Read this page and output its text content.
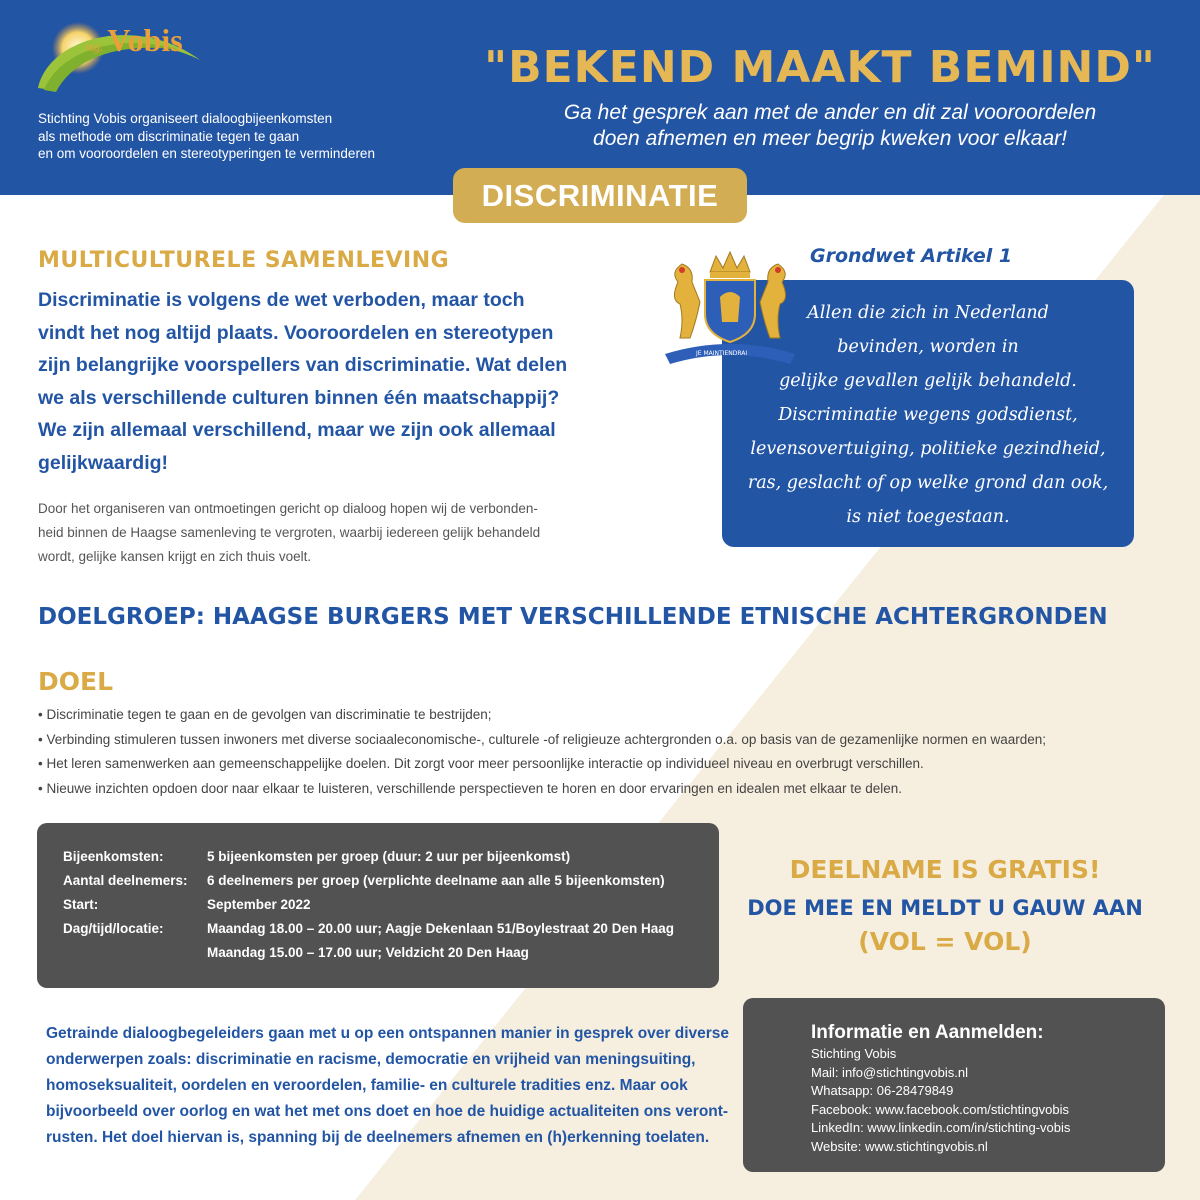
stg. Vobis
Stichting Vobis organiseert dialoogbijeenkomsten
als methode om discriminatie tegen te gaan
en om vooroordelen en stereotyperingen te verminderen
"BEKEND MAAKT BEMIND"
Ga het gesprek aan met de ander en dit zal vooroordelen
doen afnemen en meer begrip kweken voor elkaar!
DISCRIMINATIE
MULTICULTURELE SAMENLEVING
Discriminatie is volgens de wet verboden, maar toch
vindt het nog altijd plaats. Vooroordelen en stereotypen
zijn belangrijke voorspellers van discriminatie. Wat delen
we als verschillende culturen binnen één maatschappij?
We zijn allemaal verschillend, maar we zijn ook allemaal
gelijkwaardig!
Door het organiseren van ontmoetingen gericht op dialoog hopen wij de verbonden-
heid binnen de Haagse samenleving te vergroten, waarbij iedereen gelijk behandeld
wordt, gelijke kansen krijgt en zich thuis voelt.
Grondwet Artikel 1
Allen die zich in Nederland
bevinden, worden in
gelijke gevallen gelijk behandeld.
Discriminatie wegens godsdienst,
levensovertuiging, politieke gezindheid,
ras, geslacht of op welke grond dan ook,
is niet toegestaan.
JE MAINTIENDRAI
DOELGROEP: HAAGSE BURGERS MET VERSCHILLENDE ETNISCHE ACHTERGRONDEN
DOEL
• Discriminatie tegen te gaan en de gevolgen van discriminatie te bestrijden;
• Verbinding stimuleren tussen inwoners met diverse sociaaleconomische-, culturele -of religieuze achtergronden o.a. op basis van de gezamenlijke normen en waarden;
• Het leren samenwerken aan gemeenschappelijke doelen. Dit zorgt voor meer persoonlijke interactie op individueel niveau en overbrugt verschillen.
• Nieuwe inzichten opdoen door naar elkaar te luisteren, verschillende perspectieven te horen en door ervaringen en idealen met elkaar te delen.
Bijeenkomsten:	5 bijeenkomsten per groep (duur: 2 uur per bijeenkomst)
Aantal deelnemers:	6 deelnemers per groep (verplichte deelname aan alle 5 bijeenkomsten)
Start:	September 2022
Dag/tijd/locatie:	Maandag 18.00 – 20.00 uur; Aagje Dekenlaan 51/Boylestraat 20 Den Haag
Maandag 15.00 – 17.00 uur; Veldzicht 20 Den Haag
DEELNAME IS GRATIS!
DOE MEE EN MELDT U GAUW AAN
(VOL = VOL)
Getrainde dialoogbegeleiders gaan met u op een ontspannen manier in gesprek over diverse
onderwerpen zoals: discriminatie en racisme, democratie en vrijheid van meningsuiting,
homoseksualiteit, oordelen en veroordelen, familie- en culturele tradities enz. Maar ook
bijvoorbeeld over oorlog en wat het met ons doet en hoe de huidige actualiteiten ons veront-
rusten. Het doel hiervan is, spanning bij de deelnemers afnemen en (h)erkenning toelaten.
Informatie en Aanmelden:
Stichting Vobis
Mail: info@stichtingvobis.nl
Whatsapp: 06-28479849
Facebook: www.facebook.com/stichtingvobis
LinkedIn: www.linkedin.com/in/stichting-vobis
Website: www.stichtingvobis.nl
